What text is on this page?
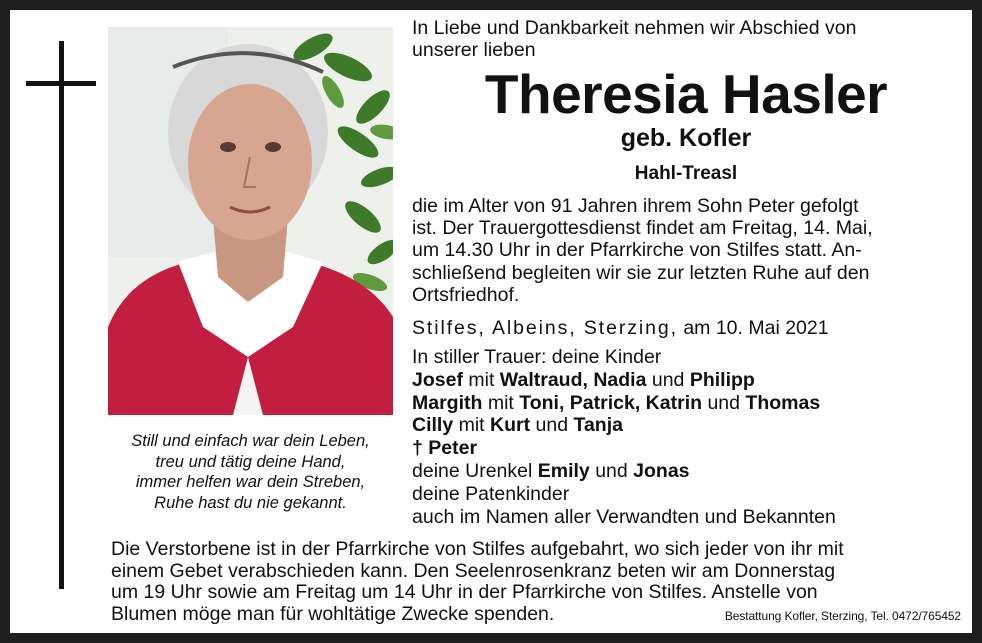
Still und einfach war dein Leben,
treu und tätig deine Hand,
immer helfen war dein Streben,
Ruhe hast du nie gekannt.
In Liebe und Dankbarkeit nehmen wir Abschied von
unserer lieben
Theresia Hasler
geb. Kofler
Hahl-Treasl
die im Alter von 91 Jahren ihrem Sohn Peter gefolgt
ist. Der Trauergottesdienst findet am Freitag, 14. Mai,
um 14.30 Uhr in der Pfarrkirche von Stilfes statt. An-
schließend begleiten wir sie zur letzten Ruhe auf den
Ortsfriedhof.
Stilfes, Albeins, Sterzing, am 10. Mai 2021
In stiller Trauer: deine Kinder
Josef mit Waltraud, Nadia und Philipp
Margith mit Toni, Patrick, Katrin und Thomas
Cilly mit Kurt und Tanja
† Peter
deine Urenkel Emily und Jonas
deine Patenkinder
auch im Namen aller Verwandten und Bekannten
Die Verstorbene ist in der Pfarrkirche von Stilfes aufgebahrt, wo sich jeder von ihr mit
einem Gebet verabschieden kann. Den Seelenrosenkranz beten wir am Donnerstag
um 19 Uhr sowie am Freitag um 14 Uhr in der Pfarrkirche von Stilfes. Anstelle von
Blumen möge man für wohltätige Zwecke spenden.	Bestattung Kofler, Sterzing, Tel. 0472/765452
